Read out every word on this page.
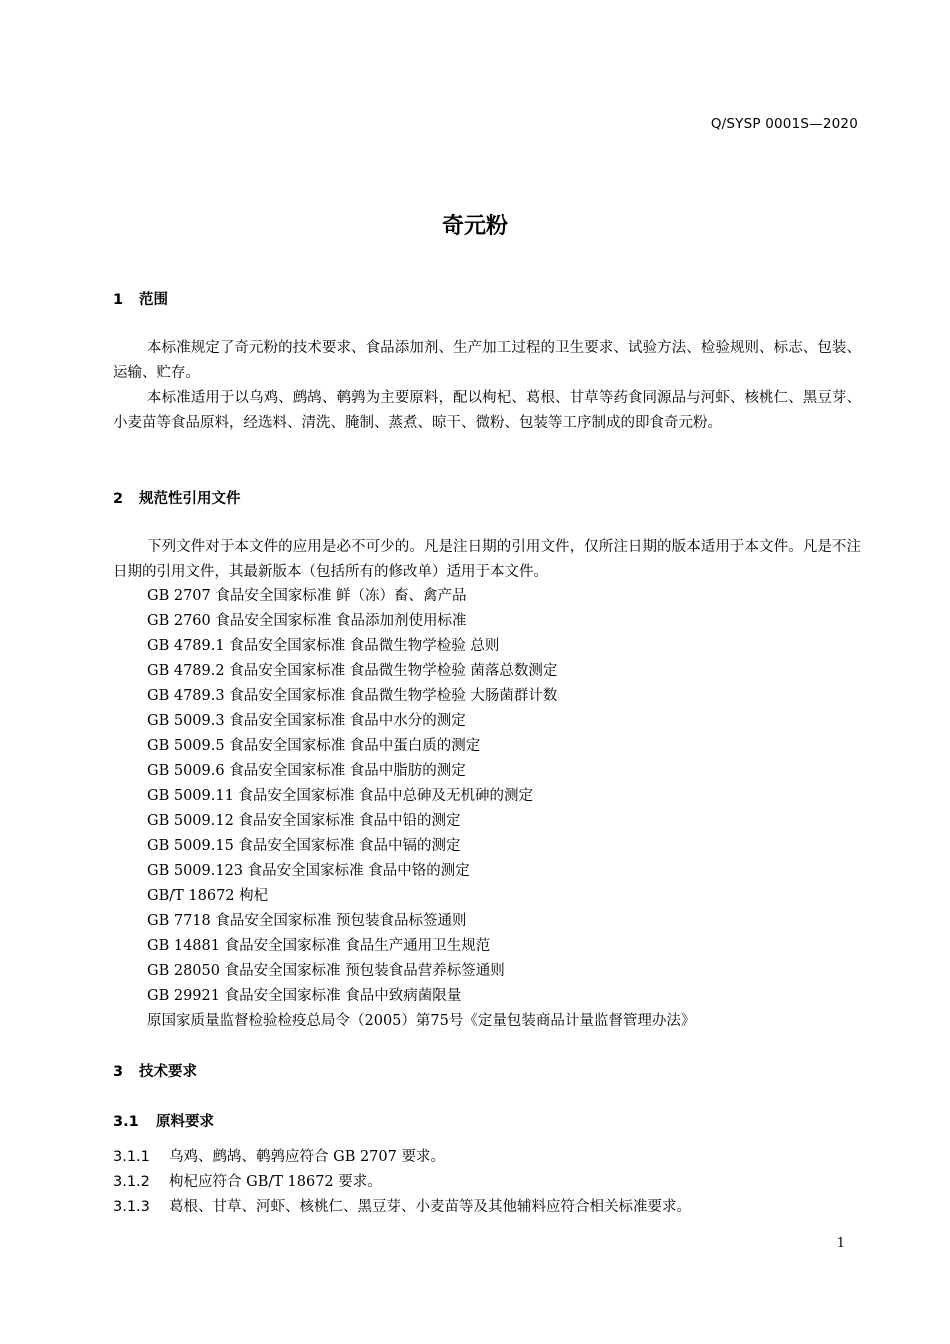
Q/SYSP 0001S—2020
奇元粉
1 范围

本标准规定了奇元粉的技术要求、食品添加剂、生产加工过程的卫生要求、试验方法、检验规则、标志、包装、运输、贮存。

本标准适用于以乌鸡、鹧鸪、鹌鹑为主要原料，配以枸杞、葛根、甘草等药食同源品与河虾、核桃仁、黑豆芽、小麦苗等食品原料，经选料、清洗、腌制、蒸煮、晾干、微粉、包装等工序制成的即食奇元粉。

2 规范性引用文件

下列文件对于本文件的应用是必不可少的。凡是注日期的引用文件，仅所注日期的版本适用于本文件。凡是不注日期的引用文件，其最新版本（包括所有的修改单）适用于本文件。

GB 2707 食品安全国家标准 鲜（冻）畜、禽产品
GB 2760 食品安全国家标准 食品添加剂使用标准
GB 4789.1 食品安全国家标准 食品微生物学检验 总则
GB 4789.2 食品安全国家标准 食品微生物学检验 菌落总数测定
GB 4789.3 食品安全国家标准 食品微生物学检验 大肠菌群计数
GB 5009.3 食品安全国家标准 食品中水分的测定
GB 5009.5 食品安全国家标准 食品中蛋白质的测定
GB 5009.6 食品安全国家标准 食品中脂肪的测定
GB 5009.11 食品安全国家标准 食品中总砷及无机砷的测定
GB 5009.12 食品安全国家标准 食品中铅的测定
GB 5009.15 食品安全国家标准 食品中镉的测定
GB 5009.123 食品安全国家标准 食品中铬的测定
GB/T 18672 枸杞
GB 7718 食品安全国家标准 预包装食品标签通则
GB 14881 食品安全国家标准 食品生产通用卫生规范
GB 28050 食品安全国家标准 预包装食品营养标签通则
GB 29921 食品安全国家标准 食品中致病菌限量
原国家质量监督检验检疫总局令（2005）第75号《定量包装商品计量监督管理办法》
3 技术要求
3.1 原料要求
3.1.1 乌鸡、鹧鸪、鹌鹑应符合 GB 2707 要求。
3.1.2 枸杞应符合 GB/T 18672 要求。
3.1.3 葛根、甘草、河虾、核桃仁、黑豆芽、小麦苗等及其他辅料应符合相关标准要求。
1
